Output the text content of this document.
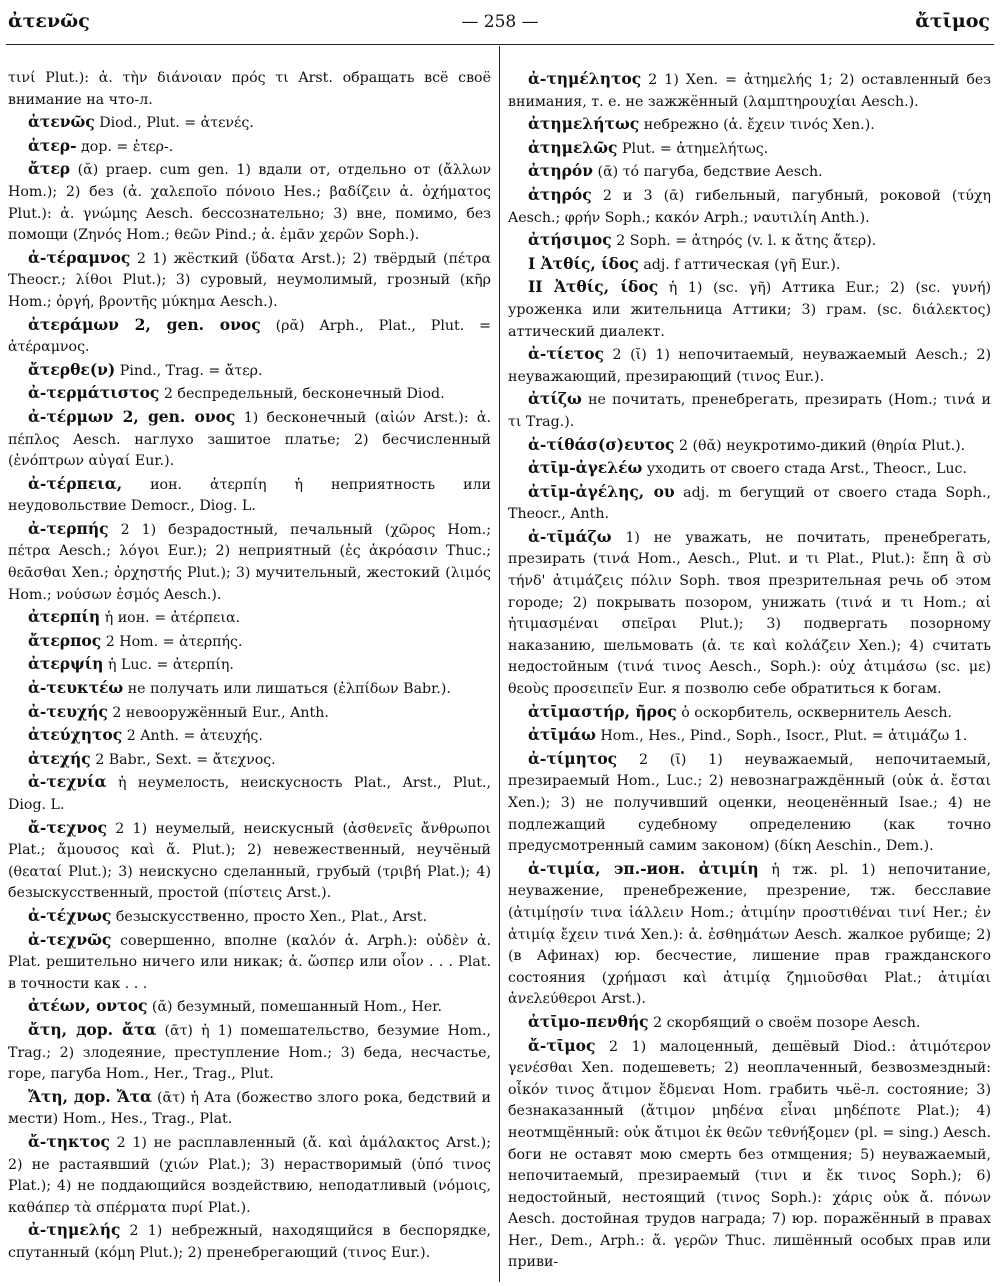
ἀτενῶς	— 258 —	ἄτῑμος

τινί Plut.): ἀ. τὴν διάνοιαν πρός τι Arst. обращать всё своё внимание на что-л.

ἀτενῶς Diod., Plut. = ἀτενές.

ἀτερ- дор. = ἑτερ-.

ἄτερ (ᾰ) praep. cum gen. 1) вдали от, отдельно от (ἄλλων Hom.); 2) без (ἀ. χαλεποῖο πόνοιο Hes.; βαδίζειν ἀ. ὀχήματος Plut.): ἀ. γνώμης Aesch. бессознательно; 3) вне, помимо, без помощи (Ζηνός Hom.; θεῶν Pind.; ἀ. ἐμᾶν χερῶν Soph.).

ἀ-τέραμνος 2 1) жёсткий (ὕδατα Arst.); 2) твёрдый (πέτρα Theocr.; λίθοι Plut.); 3) суровый, неумолимый, грозный (κῆρ Hom.; ὀργή, βροντῆς μύκημα Aesch.).

ἀτεράμων 2, gen. ονος (ρᾰ) Arph., Plat., Plut. = ἀτέραμνος.

ἄτερθε(ν) Pind., Trag. = ἄτερ.

ἀ-τερμάτιστος 2 беспредельный, бесконечный Diod.

ἀ-τέρμων 2, gen. ονος 1) бесконечный (αἰών Arst.): ἀ. πέπλος Aesch. наглухо зашитое платье; 2) бесчисленный (ἐνόπτρων αὐγαί Eur.).

ἀ-τέρπεια, ион. ἀτερπίη ἡ неприятность или неудовольствие Democr., Diog. L.

ἀ-τερπής 2 1) безрадостный, печальный (χῶρος Hom.; πέτρα Aesch.; λόγοι Eur.); 2) неприятный (ἐς ἀκρόασιν Thuc.; θεᾶσθαι Xen.; ὀρχηστής Plut.); 3) мучительный, жестокий (λιμός Hom.; νούσων ἑσμός Aesch.).

ἀτερπίη ἡ ион. = ἀτέρπεια.

ἄτερπος 2 Hom. = ἀτερπής.

ἀτερψίη ἡ Luc. = ἀτερπίη.

ἀ-τευκτέω не получать или лишаться (ἐλπίδων Babr.).

ἀ-τευχής 2 невооружённый Eur., Anth.

ἀτεύχητος 2 Anth. = ἀτευχής.

ἀτεχής 2 Babr., Sext. = ἄτεχνος.

ἀ-τεχνία ἡ неумелость, неискусность Plat., Arst., Plut., Diog. L.

ἄ-τεχνος 2 1) неумелый, неискусный (ἀσθενεῖς ἄνθρωποι Plat.; ἄμουσος καὶ ἄ. Plut.); 2) невежественный, неучёный (θεαταί Plut.); 3) неискусно сделанный, грубый (τριβή Plat.); 4) безыскусственный, простой (πίστεις Arst.).

ἀ-τέχνως безыскусственно, просто Xen., Plat., Arst.

ἀ-τεχνῶς совершенно, вполне (καλόν ἀ. Arph.): οὐδὲν ἀ. Plat. решительно ничего или никак; ἀ. ὥσπερ или οἷον . . . Plat. в точности как . . .

ἀτέων, οντος (ᾰ) безумный, помешанный Hom., Her.

ἄτη, дор. ἄτα (ᾱτ) ἡ 1) помешательство, безумие Hom., Trag.; 2) злодеяние, преступление Hom.; 3) беда, несчастье, горе, пагуба Hom., Her., Trag., Plut.

Ἄτη, дор. Ἄτα (ᾱτ) ἡ Ата (божество злого рока, бедствий и мести) Hom., Hes., Trag., Plat.

ἄ-τηκτος 2 1) не расплавленный (ἄ. καὶ ἀμάλακτος Arst.); 2) не растаявший (χιών Plat.); 3) нерастворимый (ὑπό τινος Plat.); 4) не поддающийся воздействию, неподатливый (νόμοις, καθάπερ τὰ σπέρματα πυρί Plat.).

ἀ-τημελής 2 1) небрежный, находящийся в беспорядке, спутанный (κόμη Plut.); 2) пренебрегающий (τινος Eur.).

ἀ-τημέλητος 2 1) Xen. = ἀτημελής 1; 2) оставленный без внимания, т. е. не зажжённый (λαμπτηρουχίαι Aesch.).

ἀτημελήτως небрежно (ἀ. ἔχειν τινός Xen.).

ἀτημελῶς Plut. = ἀτημελήτως.

ἀτηρόν (ᾱ) τό пагуба, бедствие Aesch.

ἀτηρός 2 и 3 (ᾱ) гибельный, пагубный, роковой (τύχη Aesch.; φρήν Soph.; κακόν Arph.; ναυτιλίη Anth.).

ἀτήσιμος 2 Soph. = ἀτηρός (v. l. к ἄτης ἄτερ).

I Ἀτθίς, ίδος adj. f аттическая (γῆ Eur.).

II Ἀτθίς, ίδος ἡ 1) (sc. γῆ) Аттика Eur.; 2) (sc. γυνή) уроженка или жительница Аттики; 3) грам. (sc. διάλεκτος) аттический диалект.

ἀ-τίετος 2 (ῐ) 1) непочитаемый, неуважаемый Aesch.; 2) неуважающий, презирающий (τινος Eur.).

ἀτίζω не почитать, пренебрегать, презирать (Hom.; τινά и τι Trag.).

ἀ-τίθάσ(σ)ευτος 2 (θᾰ) неукротимо-дикий (θηρία Plut.).

ἀτῑμ-ἀγελέω уходить от своего стада Arst., Theocr., Luc.

ἀτῑμ-ἀγέλης, ου adj. m бегущий от своего стада Soph., Theocr., Anth.

ἀ-τῑμάζω 1) не уважать, не почитать, пренебрегать, презирать (τινά Hom., Aesch., Plut. и τι Plat., Plut.): ἔπη ἃ σὺ τήνδ' ἀτιμάζεις πόλιν Soph. твоя презрительная речь об этом городе; 2) покрывать позором, унижать (τινά и τι Hom.; αἱ ἠτιμασμέναι σπεῖραι Plut.); 3) подвергать позорному наказанию, шельмовать (ἀ. τε καὶ κολάζειν Xen.); 4) считать недостойным (τινά τινος Aesch., Soph.): οὐχ ἀτιμάσω (sc. με) θεοὺς προσειπεῖν Eur. я позволю себе обратиться к богам.

ἀτῑμαστήρ, ῆρος ὁ оскорбитель, осквернитель Aesch.

ἀτῑμάω Hom., Hes., Pind., Soph., Isocr., Plut. = ἀτιμάζω 1.

ἀ-τίμητος 2 (ῑ) 1) неуважаемый, непочитаемый, презираемый Hom., Luc.; 2) невознаграждённый (οὐκ ἀ. ἔσται Xen.); 3) не получивший оценки, неоценённый Isae.; 4) не подлежащий судебному определению (как точно предусмотренный самим законом) (δίκη Aeschin., Dem.).

ἀ-τιμία, эп.-ион. ἀτιμίη ἡ тж. pl. 1) непочитание, неуважение, пренебрежение, презрение, тж. бесславие (ἀτιμίῃσίν τινα ἰάλλειν Hom.; ἀτιμίην προστιθέναι τινί Her.; ἐν ἀτιμίᾳ ἔχειν τινά Xen.): ἀ. ἐσθημάτων Aesch. жалкое рубище; 2) (в Афинах) юр. бесчестие, лишение прав гражданского состояния (χρήμασι καὶ ἀτιμίᾳ ζημιοῦσθαι Plat.; ἀτιμίαι ἀνελεύθεροι Arst.).

ἀτῑμο-πενθής 2 скорбящий о своём позоре Aesch.

ἄ-τῑμος 2 1) малоценный, дешёвый Diod.: ἀτιμότερον γενέσθαι Xen. подешеветь; 2) неоплаченный, безвозмездный: οἶκόν τινος ἄτιμον ἔδμεναι Hom. грабить чьё-л. состояние; 3) безнаказанный (ἄτιμον μηδένα εἶναι μηδέποτε Plat.); 4) неотмщённый: οὐκ ἄτιμοι ἐκ θεῶν τεθνήξομεν (pl. = sing.) Aesch. боги не оставят мою смерть без отмщения; 5) неуважаемый, непочитаемый, презираемый (τινι и ἔκ τινος Soph.); 6) недостойный, нестоящий (τινος Soph.): χάρις οὐκ ἄ. πόνων Aesch. достойная трудов награда; 7) юр. поражённый в правах Her., Dem., Arph.: ἄ. γερῶν Thuc. лишённый особых прав или приви-
